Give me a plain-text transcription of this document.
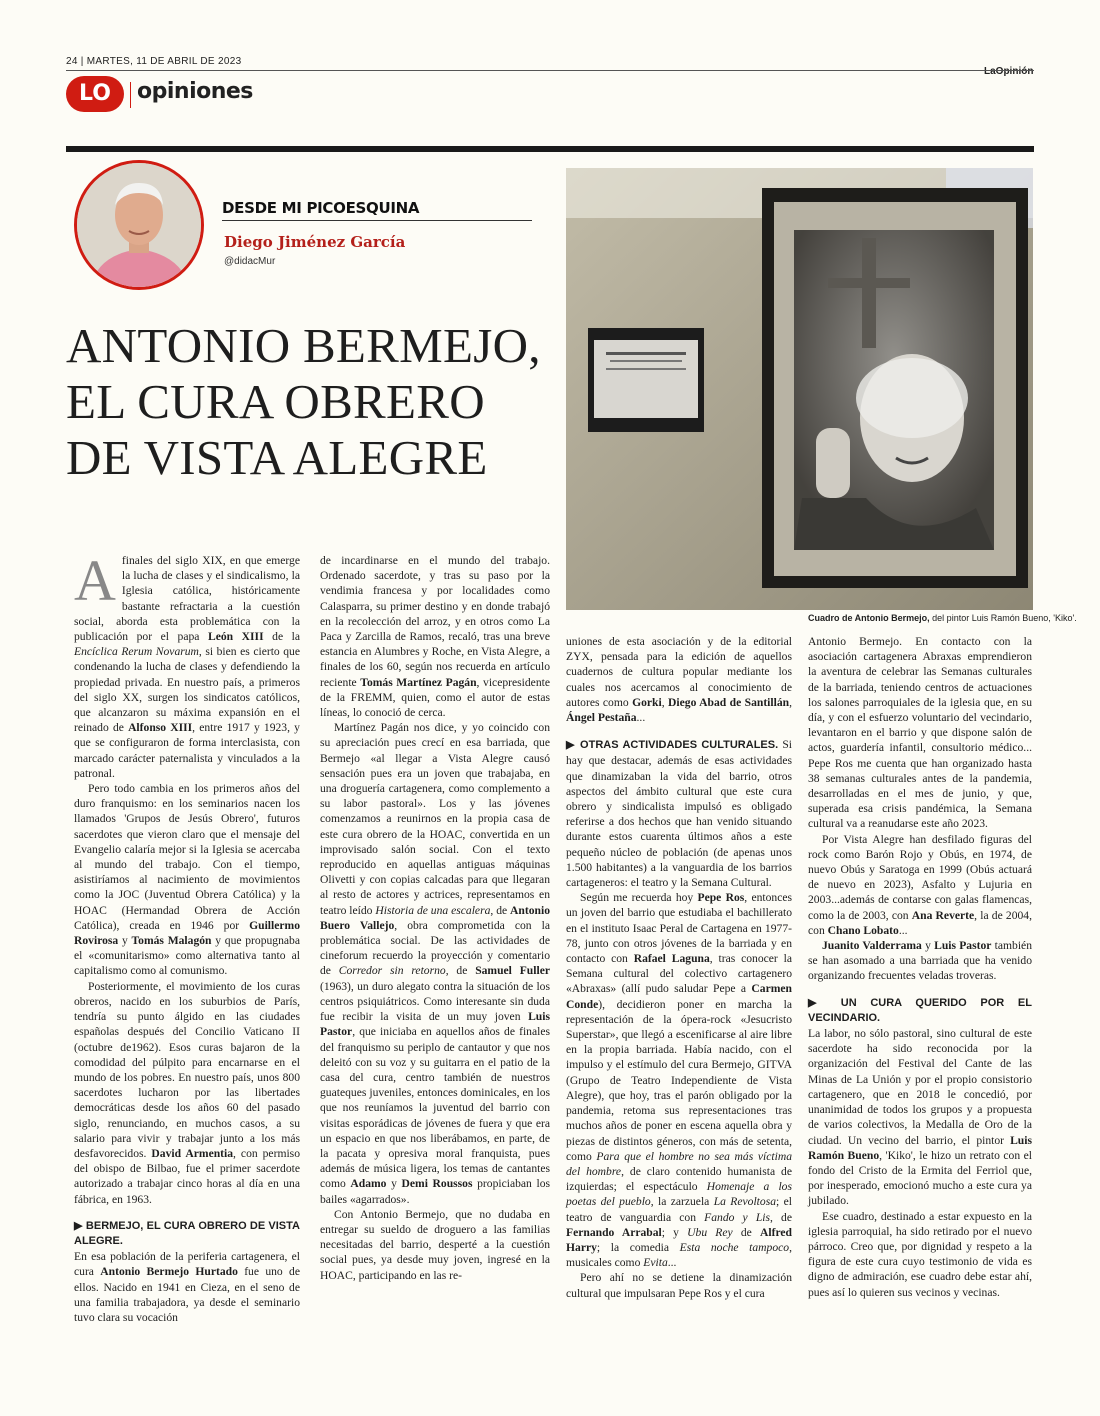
24 | MARTES, 11 DE ABRIL DE 2023
LaOpinión
LO	opiniones
DESDE MI PICOESQUINA
Diego Jiménez García
@didacMur
ANTONIO BERMEJO, EL CURA OBRERO DE VISTA ALEGRE
Cuadro de Antonio Bermejo, del pintor Luis Ramón Bueno, 'Kiko'.

A finales del siglo XIX, en que emerge la lucha de clases y el sindicalismo, la Iglesia católica, históricamente bastante refractaria a la cuestión social, aborda esta problemática con la publicación por el papa León XIII de la Encíclica Rerum Novarum, si bien es cierto que condenando la lucha de clases y defendiendo la propiedad privada. En nuestro país, a primeros del siglo XX, surgen los sindicatos católicos, que alcanzaron su máxima expansión en el reinado de Alfonso XIII, entre 1917 y 1923, y que se configuraron de forma interclasista, con marcado carácter paternalista y vinculados a la patronal.

Pero todo cambia en los primeros años del duro franquismo: en los seminarios nacen los llamados 'Grupos de Jesús Obrero', futuros sacerdotes que vieron claro que el mensaje del Evangelio calaría mejor si la Iglesia se acercaba al mundo del trabajo. Con el tiempo, asistiríamos al nacimiento de movimientos como la JOC (Juventud Obrera Católica) y la HOAC (Hermandad Obrera de Acción Católica), creada en 1946 por Guillermo Rovirosa y Tomás Malagón y que propugnaba el «comunitarismo» como alternativa tanto al capitalismo como al comunismo.

Posteriormente, el movimiento de los curas obreros, nacido en los suburbios de París, tendría su punto álgido en las ciudades españolas después del Concilio Vaticano II (octubre de1962). Esos curas bajaron de la comodidad del púlpito para encarnarse en el mundo de los pobres. En nuestro país, unos 800 sacerdotes lucharon por las libertades democráticas desde los años 60 del pasado siglo, renunciando, en muchos casos, a su salario para vivir y trabajar junto a los más desfavorecidos. David Armentia, con permiso del obispo de Bilbao, fue el primer sacerdote autorizado a trabajar cinco horas al día en una fábrica, en 1963.

▶ BERMEJO, EL CURA OBRERO DE VISTA ALEGRE.
En esa población de la periferia cartagenera, el cura Antonio Bermejo Hurtado fue uno de ellos. Nacido en 1941 en Cieza, en el seno de una familia trabajadora, ya desde el seminario tuvo clara su vocación

de incardinarse en el mundo del trabajo. Ordenado sacerdote, y tras su paso por la vendimia francesa y por localidades como Calasparra, su primer destino y en donde trabajó en la recolección del arroz, y en otros como La Paca y Zarcilla de Ramos, recaló, tras una breve estancia en Alumbres y Roche, en Vista Alegre, a finales de los 60, según nos recuerda en artículo reciente Tomás Martínez Pagán, vicepresidente de la FREMM, quien, como el autor de estas líneas, lo conoció de cerca.

Martínez Pagán nos dice, y yo coincido con su apreciación pues crecí en esa barriada, que Bermejo «al llegar a Vista Alegre causó sensación pues era un joven que trabajaba, en una droguería cartagenera, como complemento a su labor pastoral». Los y las jóvenes comenzamos a reunirnos en la propia casa de este cura obrero de la HOAC, convertida en un improvisado salón social. Con el texto reproducido en aquellas antiguas máquinas Olivetti y con copias calcadas para que llegaran al resto de actores y actrices, representamos en teatro leído Historia de una escalera, de Antonio Buero Vallejo, obra comprometida con la problemática social. De las actividades de cineforum recuerdo la proyección y comentario de Corredor sin retorno, de Samuel Fuller (1963), un duro alegato contra la situación de los centros psiquiátricos. Como interesante sin duda fue recibir la visita de un muy joven Luis Pastor, que iniciaba en aquellos años de finales del franquismo su periplo de cantautor y que nos deleitó con su voz y su guitarra en el patio de la casa del cura, centro también de nuestros guateques juveniles, entonces dominicales, en los que nos reuníamos la juventud del barrio con visitas esporádicas de jóvenes de fuera y que era un espacio en que nos liberábamos, en parte, de la pacata y opresiva moral franquista, pues además de música ligera, los temas de cantantes como Adamo y Demi Roussos propiciaban los bailes «agarrados».

Con Antonio Bermejo, que no dudaba en entregar su sueldo de droguero a las familias necesitadas del barrio, desperté a la cuestión social pues, ya desde muy joven, ingresé en la HOAC, participando en las re-

uniones de esta asociación y de la editorial ZYX, pensada para la edición de aquellos cuadernos de cultura popular mediante los cuales nos acercamos al conocimiento de autores como Gorki, Diego Abad de Santillán, Ángel Pestaña...

▶ OTRAS ACTIVIDADES CULTURALES. Si hay que destacar, además de esas actividades que dinamizaban la vida del barrio, otros aspectos del ámbito cultural que este cura obrero y sindicalista impulsó es obligado referirse a dos hechos que han venido situando durante estos cuarenta últimos años a este pequeño núcleo de población (de apenas unos 1.500 habitantes) a la vanguardia de los barrios cartageneros: el teatro y la Semana Cultural.

Según me recuerda hoy Pepe Ros, entonces un joven del barrio que estudiaba el bachillerato en el instituto Isaac Peral de Cartagena en 1977-78, junto con otros jóvenes de la barriada y en contacto con Rafael Laguna, tras conocer la Semana cultural del colectivo cartagenero «Abraxas» (allí pudo saludar Pepe a Carmen Conde), decidieron poner en marcha la representación de la ópera-rock «Jesucristo Superstar», que llegó a escenificarse al aire libre en la propia barriada. Había nacido, con el impulso y el estímulo del cura Bermejo, GITVA (Grupo de Teatro Independiente de Vista Alegre), que hoy, tras el parón obligado por la pandemia, retoma sus representaciones tras muchos años de poner en escena aquella obra y piezas de distintos géneros, con más de setenta, como Para que el hombre no sea más víctima del hombre, de claro contenido humanista de izquierdas; el espectáculo Homenaje a los poetas del pueblo, la zarzuela La Revoltosa; el teatro de vanguardia con Fando y Lis, de Fernando Arrabal; y Ubu Rey de Alfred Harry; la comedia Esta noche tampoco, musicales como Evita...

Pero ahí no se detiene la dinamización cultural que impulsaran Pepe Ros y el cura

Antonio Bermejo. En contacto con la asociación cartagenera Abraxas emprendieron la aventura de celebrar las Semanas culturales de la barriada, teniendo centros de actuaciones los salones parroquiales de la iglesia que, en su día, y con el esfuerzo voluntario del vecindario, levantaron en el barrio y que dispone salón de actos, guardería infantil, consultorio médico... Pepe Ros me cuenta que han organizado hasta 38 semanas culturales antes de la pandemia, desarrolladas en el mes de junio, y que, superada esa crisis pandémica, la Semana cultural va a reanudarse este año 2023.

Por Vista Alegre han desfilado figuras del rock como Barón Rojo y Obús, en 1974, de nuevo Obús y Saratoga en 1999 (Obús actuará de nuevo en 2023), Asfalto y Lujuria en 2003...además de contarse con galas flamencas, como la de 2003, con Ana Reverte, la de 2004, con Chano Lobato...

Juanito Valderrama y Luis Pastor también se han asomado a una barriada que ha venido organizando frecuentes veladas troveras.

▶ UN CURA QUERIDO POR EL VECINDARIO.
La labor, no sólo pastoral, sino cultural de este sacerdote ha sido reconocida por la organización del Festival del Cante de las Minas de La Unión y por el propio consistorio cartagenero, que en 2018 le concedió, por unanimidad de todos los grupos y a propuesta de varios colectivos, la Medalla de Oro de la ciudad. Un vecino del barrio, el pintor Luis Ramón Bueno, 'Kiko', le hizo un retrato con el fondo del Cristo de la Ermita del Ferriol que, por inesperado, emocionó mucho a este cura ya jubilado.

Ese cuadro, destinado a estar expuesto en la iglesia parroquial, ha sido retirado por el nuevo párroco. Creo que, por dignidad y respeto a la figura de este cura cuyo testimonio de vida es digno de admiración, ese cuadro debe estar ahí, pues así lo quieren sus vecinos y vecinas.
